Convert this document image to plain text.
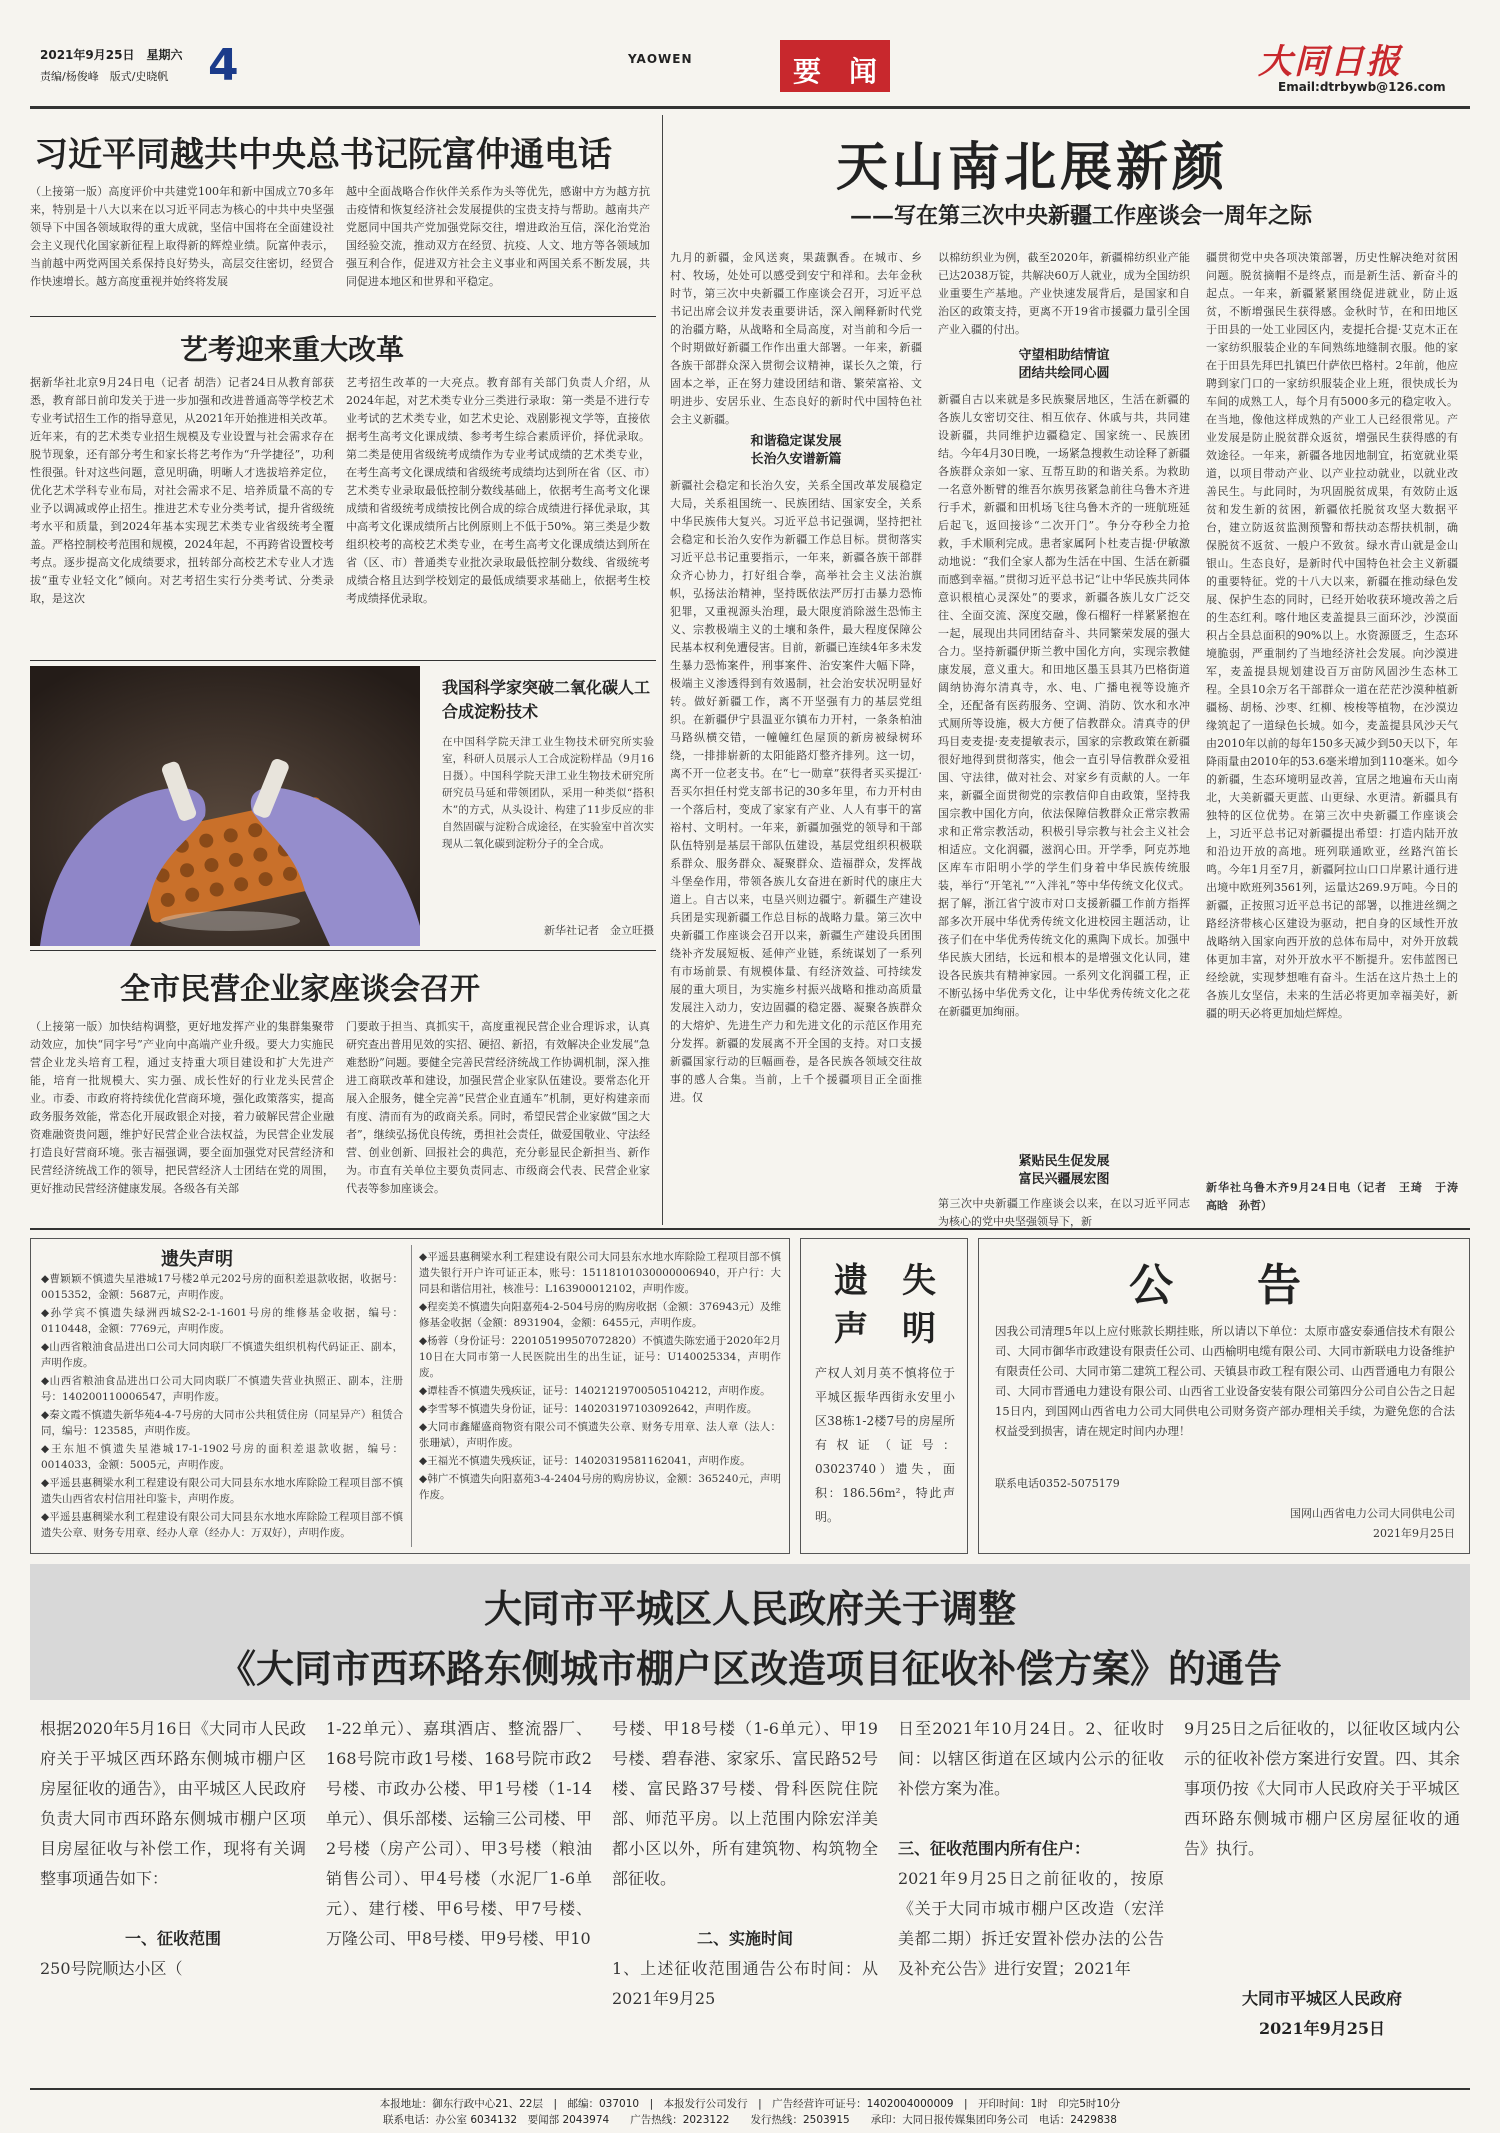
2021年9月25日　星期六
责编/杨俊峰　版式/史晓帆 4	YAOWEN	要　闻	大同日报
Email:dtrbywb@126.com
习近平同越共中央总书记阮富仲通电话
（上接第一版）高度评价中共建党100年和新中国成立70多年来，特别是十八大以来在以习近平同志为核心的中共中央坚强领导下中国各领域取得的重大成就，坚信中国将在全面建设社会主义现代化国家新征程上取得新的辉煌业绩。阮富仲表示，当前越中两党两国关系保持良好势头，高层交往密切，经贸合作快速增长。越方高度重视并始终将发展
越中全面战略合作伙伴关系作为头等优先，感谢中方为越方抗击疫情和恢复经济社会发展提供的宝贵支持与帮助。越南共产党愿同中国共产党加强党际交往，增进政治互信，深化治党治国经验交流，推动双方在经贸、抗疫、人文、地方等各领域加强互利合作，促进双方社会主义事业和两国关系不断发展，共同促进本地区和世界和平稳定。
艺考迎来重大改革
据新华社北京9月24日电（记者 胡浩）记者24日从教育部获悉，教育部日前印发关于进一步加强和改进普通高等学校艺术专业考试招生工作的指导意见，从2021年开始推进相关改革。近年来，有的艺术类专业招生规模及专业设置与社会需求存在脱节现象，还有部分考生和家长将艺考作为“升学捷径”，功利性很强。针对这些问题，意见明确，明晰人才选拔培养定位，优化艺术学科专业布局，对社会需求不足、培养质量不高的专业予以调减或停止招生。推进艺术专业分类考试，提升省级统考水平和质量，到2024年基本实现艺术类专业省级统考全覆盖。严格控制校考范围和规模，2024年起，不再跨省设置校考考点。逐步提高文化成绩要求，扭转部分高校艺术专业人才选拔“重专业轻文化”倾向。对艺考招生实行分类考试、分类录取，是这次
艺考招生改革的一大亮点。教育部有关部门负责人介绍，从2024年起，对艺术类专业分三类进行录取：第一类是不进行专业考试的艺术类专业，如艺术史论、戏剧影视文学等，直接依据考生高考文化课成绩、参考考生综合素质评价，择优录取。第二类是使用省级统考成绩作为专业考试成绩的艺术类专业，在考生高考文化课成绩和省级统考成绩均达到所在省（区、市）艺术类专业录取最低控制分数线基础上，依据考生高考文化课成绩和省级统考成绩按比例合成的综合成绩进行择优录取，其中高考文化课成绩所占比例原则上不低于50%。第三类是少数组织校考的高校艺术类专业，在考生高考文化课成绩达到所在省（区、市）普通类专业批次录取最低控制分数线、省级统考成绩合格且达到学校划定的最低成绩要求基础上，依据考生校考成绩择优录取。
我国科学家突破二氧化碳人工合成淀粉技术
在中国科学院天津工业生物技术研究所实验室，科研人员展示人工合成淀粉样品（9月16日摄）。中国科学院天津工业生物技术研究所研究员马延和带领团队，采用一种类似“搭积木”的方式，从头设计、构建了11步反应的非自然固碳与淀粉合成途径，在实验室中首次实现从二氧化碳到淀粉分子的全合成。
新华社记者　金立旺摄
全市民营企业家座谈会召开
（上接第一版）加快结构调整，更好地发挥产业的集群集聚带动效应，加快“同字号”产业向中高端产业升级。要大力实施民营企业龙头培育工程，通过支持重大项目建设和扩大先进产能，培育一批规模大、实力强、成长性好的行业龙头民营企业。市委、市政府将持续优化营商环境，强化政策落实，提高政务服务效能，常态化开展政银企对接，着力破解民营企业融资难融资贵问题，维护好民营企业合法权益，为民营企业发展打造良好营商环境。张吉福强调，要全面加强党对民营经济和民营经济统战工作的领导，把民营经济人士团结在党的周围，更好推动民营经济健康发展。各级各有关部
门要敢于担当、真抓实干，高度重视民营企业合理诉求，认真研究查出普用见效的实招、硬招、新招，有效解决企业发展“急难愁盼”问题。要健全完善民营经济统战工作协调机制，深入推进工商联改革和建设，加强民营企业家队伍建设。要常态化开展入企服务，健全完善“民营企业直通车”机制，更好构建亲而有度、清而有为的政商关系。同时，希望民营企业家做“国之大者”，继续弘扬优良传统，勇担社会责任，做爱国敬业、守法经营、创业创新、回报社会的典范，充分彰显民企新担当、新作为。市直有关单位主要负责同志、市级商会代表、民营企业家代表等参加座谈会。
天山南北展新颜
——写在第三次中央新疆工作座谈会一周年之际
九月的新疆，金风送爽，果蔬飘香。在城市、乡村、牧场，处处可以感受到安宁和祥和。去年金秋时节，第三次中央新疆工作座谈会召开，习近平总书记出席会议并发表重要讲话，深入阐释新时代党的治疆方略，从战略和全局高度，对当前和今后一个时期做好新疆工作作出重大部署。一年来，新疆各族干部群众深入贯彻会议精神，谋长久之策，行固本之举，正在努力建设团结和谐、繁荣富裕、文明进步、安居乐业、生态良好的新时代中国特色社会主义新疆。
和谐稳定谋发展
长治久安谱新篇
新疆社会稳定和长治久安，关系全国改革发展稳定大局，关系祖国统一、民族团结、国家安全，关系中华民族伟大复兴。习近平总书记强调，坚持把社会稳定和长治久安作为新疆工作总目标。贯彻落实习近平总书记重要指示，一年来，新疆各族干部群众齐心协力，打好组合拳，高举社会主义法治旗帜，弘扬法治精神，坚持既依法严厉打击暴力恐怖犯罪，又重视源头治理，最大限度消除滋生恐怖主义、宗教极端主义的土壤和条件，最大程度保障公民基本权利免遭侵害。目前，新疆已连续4年多未发生暴力恐怖案件，刑事案件、治安案件大幅下降，极端主义渗透得到有效遏制，社会治安状况明显好转。做好新疆工作，离不开坚强有力的基层党组织。在新疆伊宁县温亚尔镇布力开村，一条条柏油马路纵横交错，一幢幢红色屋顶的新房被绿树环绕，一排排崭新的太阳能路灯整齐排列。这一切，离不开一位老支书。在“七一勋章”获得者买买提江·吾买尔担任村党支部书记的30多年里，布力开村由一个落后村，变成了家家有产业、人人有事干的富裕村、文明村。一年来，新疆加强党的领导和干部队伍特别是基层干部队伍建设，基层党组织积极联系群众、服务群众、凝聚群众、造福群众，发挥战斗堡垒作用，带领各族儿女奋进在新时代的康庄大道上。自古以来，屯垦兴则边疆宁。新疆生产建设兵团是实现新疆工作总目标的战略力量。第三次中央新疆工作座谈会召开以来，新疆生产建设兵团围绕补齐发展短板、延伸产业链，系统谋划了一系列有市场前景、有规模体量、有经济效益、可持续发展的重大项目，为实施乡村振兴战略和推动高质量发展注入动力，安边固疆的稳定器、凝聚各族群众的大熔炉、先进生产力和先进文化的示范区作用充分发挥。新疆的发展离不开全国的支持。对口支援新疆国家行动的巨幅画卷，是各民族各领域交往故事的感人合集。当前，上千个援疆项目正全面推进。仅
以棉纺织业为例，截至2020年，新疆棉纺织业产能已达2038万锭，共解决60万人就业，成为全国纺织业重要生产基地。产业快速发展背后，是国家和自治区的政策支持，更离不开19省市援疆力量引全国产业入疆的付出。
守望相助结情谊
团结共绘同心圆
新疆自古以来就是多民族聚居地区，生活在新疆的各族儿女密切交往、相互依存、休戚与共，共同建设新疆，共同维护边疆稳定、国家统一、民族团结。今年4月30日晚，一场紧急搜救生动诠释了新疆各族群众亲如一家、互帮互助的和谐关系。为救助一名意外断臂的维吾尔族男孩紧急前往乌鲁木齐进行手术，新疆和田机场飞往乌鲁木齐的一班航班延后起飞，返回接诊“二次开门”。争分夺秒全力抢救，手术顺利完成。患者家属阿卜杜麦吉提·伊敏激动地说：“我们全家人都为生活在中国、生活在新疆而感到幸福。”贯彻习近平总书记“让中华民族共同体意识根植心灵深处”的要求，新疆各族儿女广泛交往、全面交流、深度交融，像石榴籽一样紧紧抱在一起，展现出共同团结奋斗、共同繁荣发展的强大合力。坚持新疆伊斯兰教中国化方向，实现宗教健康发展，意义重大。和田地区墨玉县其乃巴格街道阔纳协海尔清真寺，水、电、广播电视等设施齐全，还配备有医药服务、空调、消防、饮水和水冲式厕所等设施，极大方便了信教群众。清真寺的伊玛目麦麦提·麦麦提敏表示，国家的宗教政策在新疆很好地得到贯彻落实，他会一直引导信教群众爱祖国、守法律，做对社会、对家乡有贡献的人。一年来，新疆全面贯彻党的宗教信仰自由政策，坚持我国宗教中国化方向，依法保障信教群众正常宗教需求和正常宗教活动，积极引导宗教与社会主义社会相适应。文化润疆，滋润心田。开学季，阿克苏地区库车市阳明小学的学生们身着中华民族传统服装，举行“开笔礼”“入泮礼”等中华传统文化仪式。据了解，浙江省宁波市对口支援新疆工作前方指挥部多次开展中华优秀传统文化进校园主题活动，让孩子们在中华优秀传统文化的熏陶下成长。加强中华民族大团结，长远和根本的是增强文化认同，建设各民族共有精神家园。一系列文化润疆工程，正不断弘扬中华优秀文化，让中华优秀传统文化之花在新疆更加绚丽。
紧贴民生促发展
富民兴疆展宏图
第三次中央新疆工作座谈会以来，在以习近平同志为核心的党中央坚强领导下，新
疆贯彻党中央各项决策部署，历史性解决绝对贫困问题。脱贫摘帽不是终点，而是新生活、新奋斗的起点。一年来，新疆紧紧围绕促进就业，防止返贫，不断增强民生获得感。金秋时节，在和田地区于田县的一处工业园区内，麦提托合提·艾克木正在一家纺织服装企业的车间熟练地缝制衣服。他的家在于田县先拜巴扎镇巴什萨依巴格村。2年前，他应聘到家门口的一家纺织服装企业上班，很快成长为车间的成熟工人，每个月有5000多元的稳定收入。在当地，像他这样成熟的产业工人已经很常见。产业发展是防止脱贫群众返贫，增强民生获得感的有效途径。一年来，新疆各地因地制宜，拓宽就业渠道，以项目带动产业、以产业拉动就业，以就业改善民生。与此同时，为巩固脱贫成果，有效防止返贫和发生新的贫困，新疆依托脱贫攻坚大数据平台，建立防返贫监测预警和帮扶动态帮扶机制，确保脱贫不返贫、一般户不致贫。绿水青山就是金山银山。生态良好，是新时代中国特色社会主义新疆的重要特征。党的十八大以来，新疆在推动绿色发展、保护生态的同时，已经开始收获环境改善之后的生态红利。喀什地区麦盖提县三面环沙，沙漠面积占全县总面积的90%以上。水资源匮乏，生态环境脆弱，严重制约了当地经济社会发展。向沙漠进军，麦盖提县规划建设百万亩防风固沙生态林工程。全县10余万名干部群众一道在茫茫沙漠种植新疆杨、胡杨、沙枣、红柳、梭梭等植物，在沙漠边缘筑起了一道绿色长城。如今，麦盖提县风沙天气由2010年以前的每年150多天减少到50天以下，年降雨量由2010年的53.6毫米增加到110毫米。如今的新疆，生态环境明显改善，宜居之地遍布天山南北，大美新疆天更蓝、山更绿、水更清。新疆具有独特的区位优势。在第三次中央新疆工作座谈会上，习近平总书记对新疆提出希望：打造内陆开放和沿边开放的高地。班列联通欧亚，丝路汽笛长鸣。今年1月至7月，新疆阿拉山口口岸累计通行进出境中欧班列3561列，运量达269.9万吨。今日的新疆，正按照习近平总书记的部署，以推进丝绸之路经济带核心区建设为驱动，把自身的区域性开放战略纳入国家向西开放的总体布局中，对外开放载体更加丰富，对外开放水平不断提升。宏伟蓝图已经绘就，实现梦想唯有奋斗。生活在这片热土上的各族儿女坚信，未来的生活必将更加幸福美好，新疆的明天必将更加灿烂辉煌。
新华社乌鲁木齐9月24日电（记者　王琦　于涛　高晗　孙哲）
遗失声明
◆曹颖颖不慎遗失星港城17号楼2单元202号房的面积差退款收据，收据号：0015352，金额：5687元，声明作废。
◆孙学宾不慎遗失绿洲西城S2-2-1-1601号房的维修基金收据，编号：0110448，金额：7769元，声明作废。
◆山西省粮油食品进出口公司大同肉联厂不慎遗失组织机构代码证正、副本，声明作废。
◆山西省粮油食品进出口公司大同肉联厂不慎遗失营业执照正、副本，注册号：140200110006547，声明作废。
◆秦文霞不慎遗失新华苑4-4-7号房的大同市公共租赁住房（同星异产）租赁合同，编号：123585，声明作废。
◆王东旭不慎遗失星港城17-1-1902号房的面积差退款收据，编号：0014033，金额：5005元，声明作废。
◆平遥县惠稠梁水利工程建设有限公司大同县东水地水库除险工程项目部不慎遗失山西省农村信用社印鉴卡，声明作废。
◆平遥县惠稠梁水利工程建设有限公司大同县东水地水库除险工程项目部不慎遗失公章、财务专用章、经办人章（经办人：万双好），声明作废。
◆平遥县惠稠梁水利工程建设有限公司大同县东水地水库除险工程项目部不慎遗失银行开户许可证正本，账号：15118101030000006940，开户行：大同县和谐信用社，核准号：L163900012102，声明作废。
◆程奕美不慎遗失向阳嘉苑4-2-504号房的购房收据（金额：376943元）及维修基金收据（金额：8931904，金额：6455元，声明作废。
◆杨蓉（身份证号：220105199507072820）不慎遗失陈宏通于2020年2月10日在大同市第一人民医院出生的出生证，证号：U140025334，声明作废。
◆谭桂香不慎遗失残疾证，证号：14021219700505104212，声明作废。
◆李雪琴不慎遗失身份证，证号：140203197103092642，声明作废。
◆大同市鑫耀盛商物资有限公司不慎遗失公章、财务专用章、法人章（法人：张珊斌），声明作废。
◆王福光不慎遗失残疾证，证号：14020319581162041，声明作废。
◆韩广不慎遗失向阳嘉苑3-4-2404号房的购房协议，金额：365240元，声明作废。
遗　失
声　明
产权人刘月英不慎将位于平城区振华西街永安里小区38栋1-2楼7号的房屋所有权证（证号：03023740）遗失，面积：186.56m²，特此声明。
公　告
因我公司清理5年以上应付账款长期挂账，所以请以下单位：太原市盛安泰通信技术有限公司、大同市御华市政建设有限责任公司、山西榆明电缆有限公司、大同市新联电力设备维护有限责任公司、大同市第二建筑工程公司、天镇县市政工程有限公司、山西晋通电力有限公司、大同市晋通电力建设有限公司、山西省工业设备安装有限公司第四分公司自公告之日起15日内，到国网山西省电力公司大同供电公司财务资产部办理相关手续，为避免您的合法权益受到损害，请在规定时间内办理！
联系电话0352-5075179
国网山西省电力公司大同供电公司
2021年9月25日
大同市平城区人民政府关于调整
《大同市西环路东侧城市棚户区改造项目征收补偿方案》的通告
根据2020年5月16日《大同市人民政府关于平城区西环路东侧城市棚户区房屋征收的通告》，由平城区人民政府负责大同市西环路东侧城市棚户区项目房屋征收与补偿工作，现将有关调整事项通告如下：
一、征收范围
250号院顺达小区（
1-22单元）、嘉琪酒店、整流器厂、168号院市政1号楼、168号院市政2号楼、市政办公楼、甲1号楼（1-14单元）、俱乐部楼、运输三公司楼、甲2号楼（房产公司）、甲3号楼（粮油销售公司）、甲4号楼（水泥厂1-6单元）、建行楼、甲6号楼、甲7号楼、万隆公司、甲8号楼、甲9号楼、甲10
号楼、甲18号楼（1-6单元）、甲19号楼、碧春港、家家乐、富民路52号楼、富民路37号楼、骨科医院住院部、师范平房。以上范围内除宏洋美都小区以外，所有建筑物、构筑物全部征收。
二、实施时间
1、上述征收范围通告公布时间：从2021年9月25
日至2021年10月24日。2、征收时间：以辖区街道在区域内公示的征收补偿方案为准。
三、征收范围内所有住户：
2021年9月25日之前征收的，按原《关于大同市城市棚户区改造（宏洋美都二期）拆迁安置补偿办法的公告及补充公告》进行安置；2021年
9月25日之后征收的，以征收区域内公示的征收补偿方案进行安置。四、其余事项仍按《大同市人民政府关于平城区西环路东侧城市棚户区房屋征收的通告》执行。
大同市平城区人民政府
2021年9月25日
本报地址：御东行政中心21、22层　|　邮编：037010　|　本报发行公司发行　|　广告经营许可证号：1402004000009　|　开印时间：1时　印完5时10分
联系电话：办公室 6034132　要闻部 2043974　　广告热线：2023122　　发行热线：2503915　　承印：大同日报传媒集团印务公司　电话：2429838
